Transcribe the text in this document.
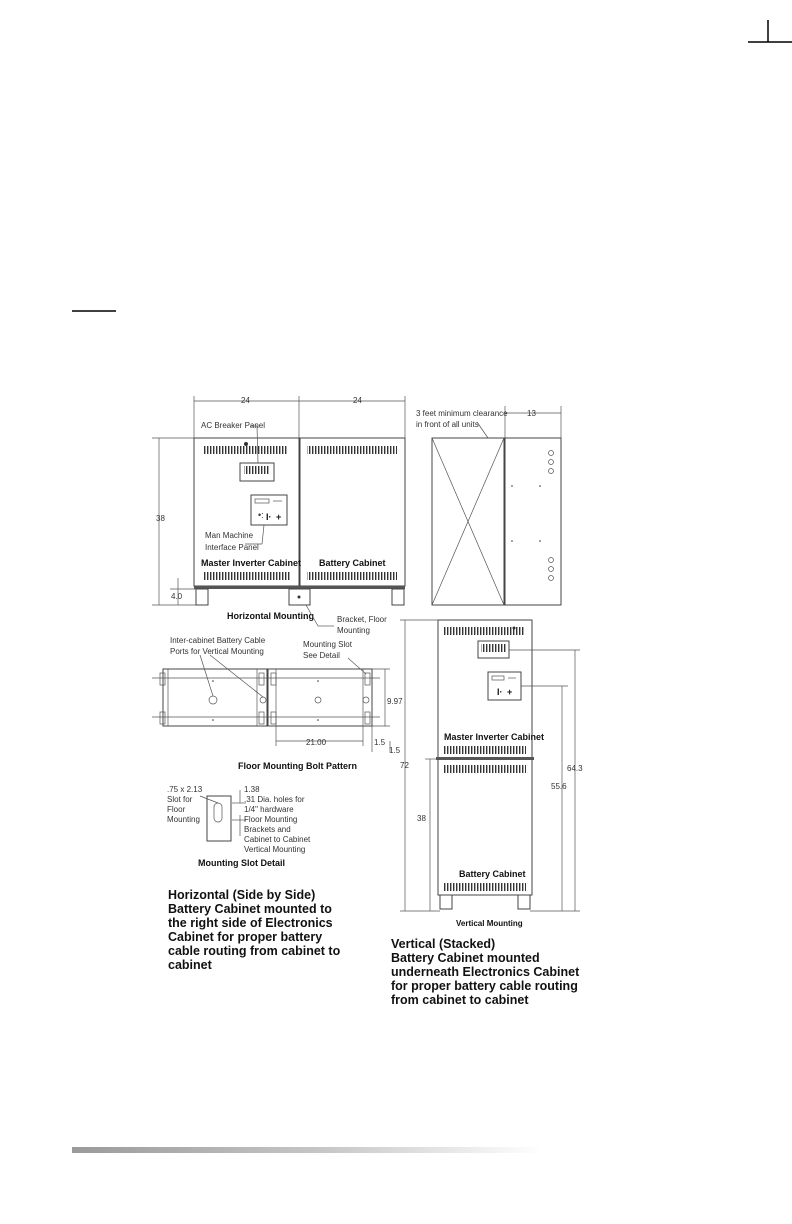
24	24
13
•: I· +
AC Breaker Panel
Man Machine Interface Panel
Master Inverter Cabinet Battery Cabinet
Horizontal Mounting	Bracket, Floor Mounting
38
4.0
3 feet minimum clearance in front of all units
Inter-cabinet Battery Cable Ports for Vertical Mounting
Mounting Slot See Detail
9.97
21.00	1.5
1.5
Floor Mounting Bolt Pattern
.75 x 2.13 Slot for Floor Mounting
1.38
.31 Dia. holes for 1/4" hardware Floor Mounting Brackets and Cabinet to Cabinet Vertical Mounting
Mounting Slot Detail
I· +
Master Inverter Cabinet
Battery Cabinet
Vertical Mounting
72
38
64.3
55.6
Horizontal (Side by Side)
Battery Cabinet mounted to
the right side of Electronics
Cabinet for proper battery
cable routing from cabinet to
cabinet
Vertical (Stacked)
Battery Cabinet mounted
underneath Electronics Cabinet
for proper battery cable routing
from cabinet to cabinet
